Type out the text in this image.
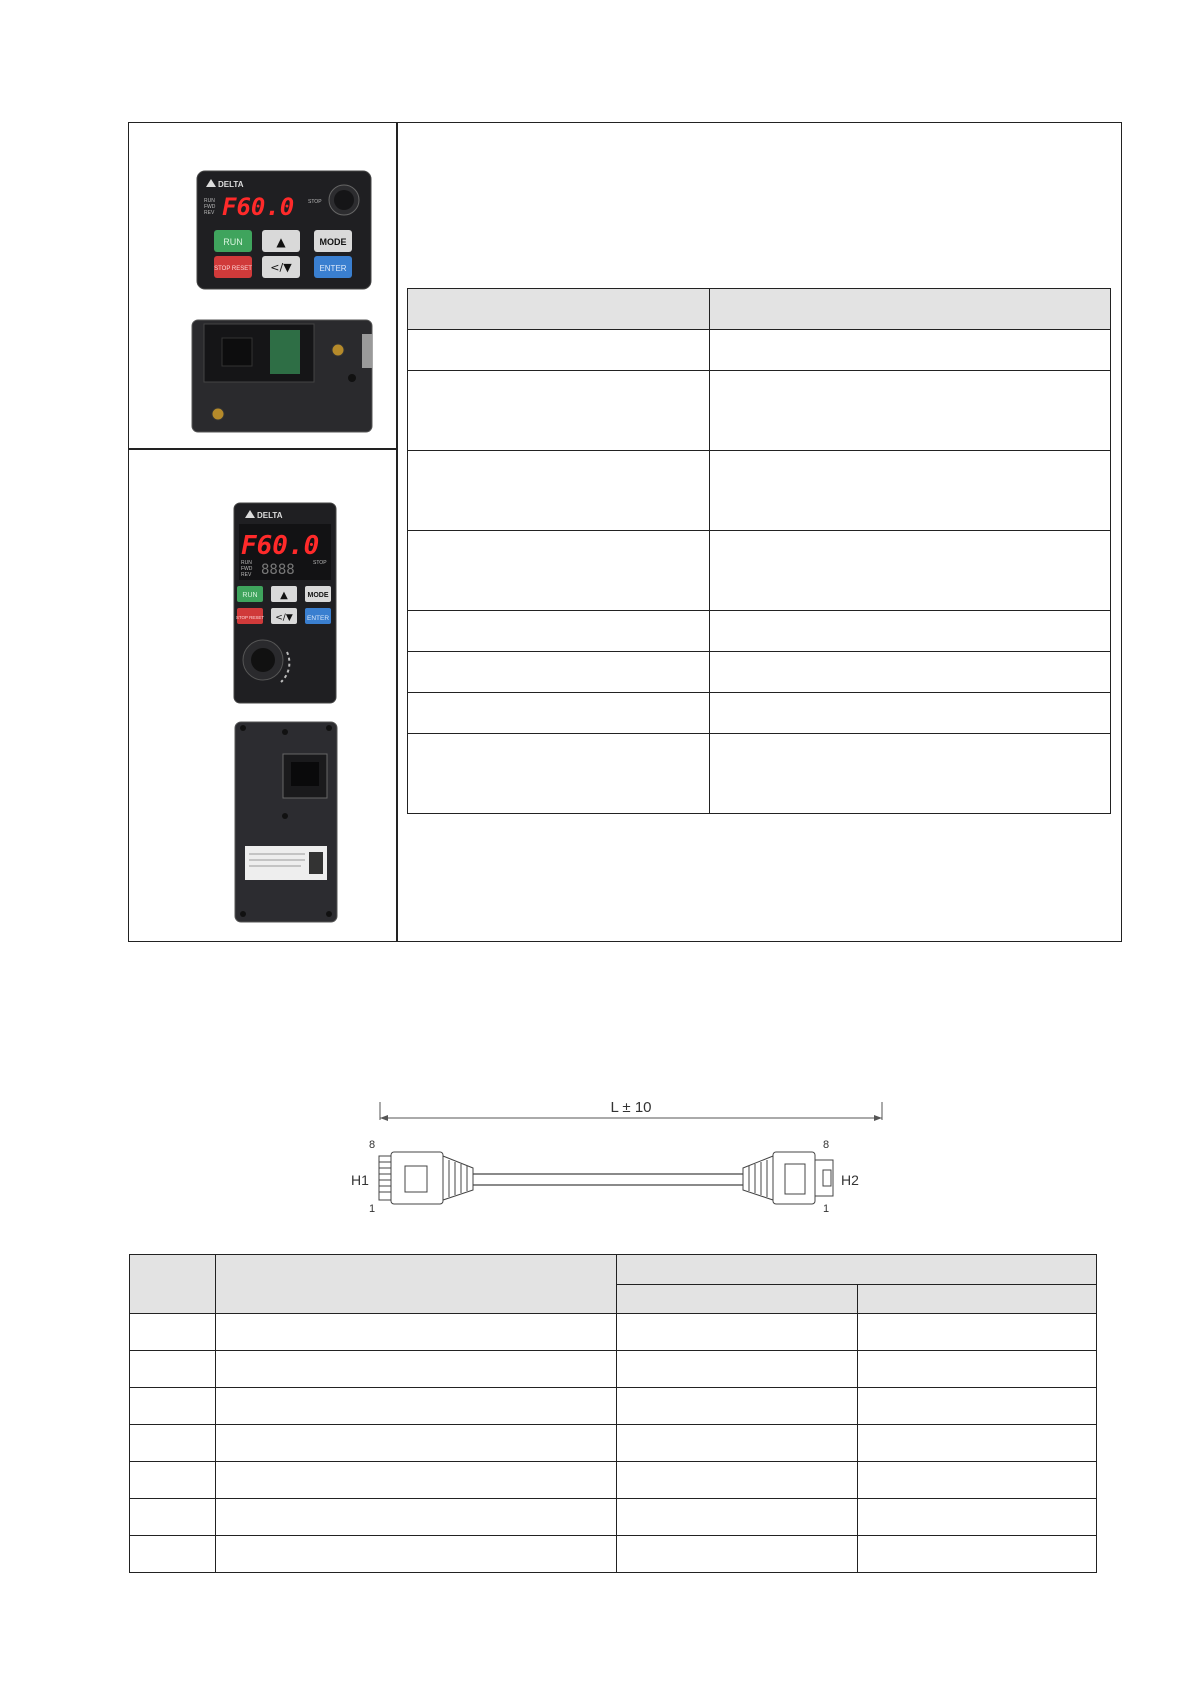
DELTA
RUN
FWD
REV F60.0	STOP
RUN	▲	MODE
STOP RESET </▼	ENTER
DELTA
F60.0
RUN
FWD
REV 8888	STOP
RUN ▲	MODE
STOP RESET </▼ ENTER

L ± 10
8
1
H1
8
1
H2
